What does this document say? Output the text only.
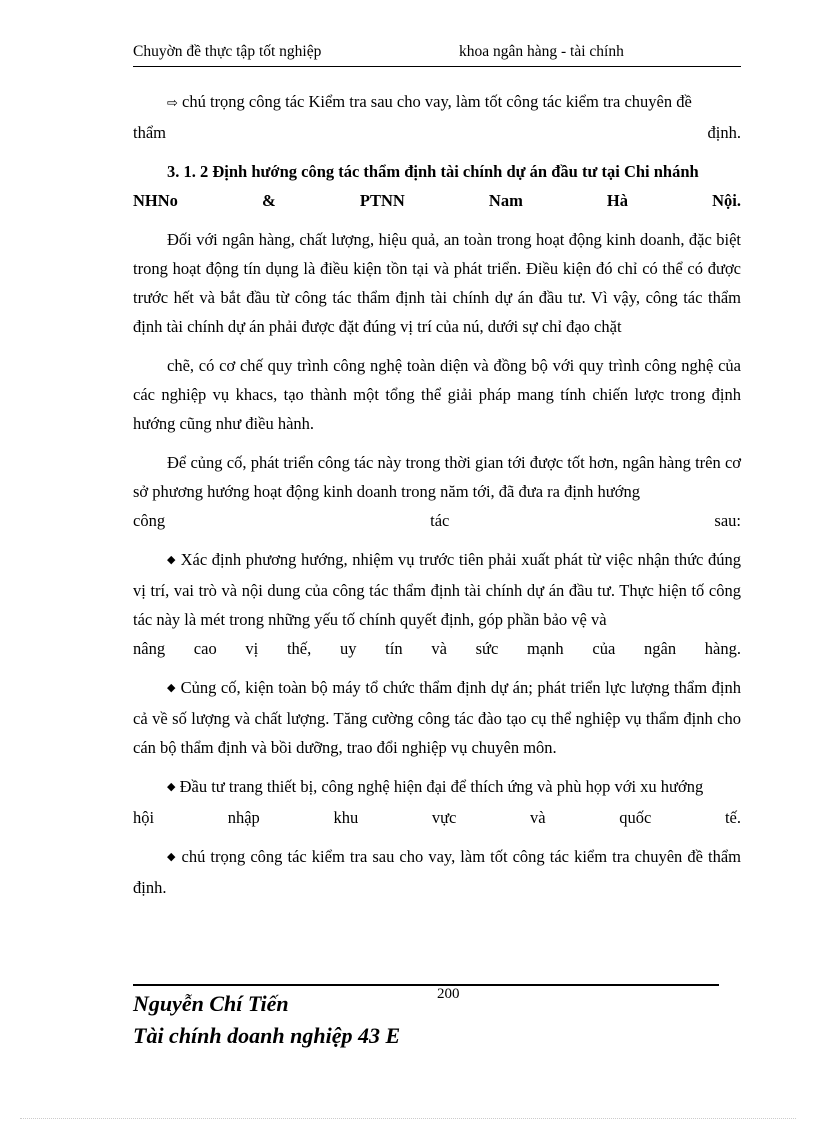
Chuyờn đề thực tập tốt nghiệp	khoa ngân hàng - tài chính

⇨ chú trọng công tác Kiểm tra sau cho vay, làm tốt công tác kiểm tra chuyên đề

thẩm định.

3. 1. 2 Định hướng công tác thẩm định tài chính dự án đầu tư tại Chi nhánh

NHNo & PTNN Nam Hà Nội.

Đối với ngân hàng, chất lượng, hiệu quả, an toàn trong hoạt động kinh doanh, đặc biệt trong hoạt động tín dụng là điều kiện tồn tại và phát triển. Điều kiện đó chỉ có thể có được trước hết và bắt đầu từ công tác thẩm định tài chính dự án đầu tư. Vì vậy, công tác thẩm định tài chính dự án phải được đặt đúng vị trí của nú, dưới sự chỉ đạo chặt

chẽ, có cơ chế quy trình công nghệ toàn diện và đồng bộ với quy trình công nghệ của các nghiệp vụ khacs, tạo thành một tổng thể giải pháp mang tính chiến lược trong định hướng cũng như điều hành.

Để củng cố, phát triển công tác này trong thời gian tới được tốt hơn, ngân hàng trên cơ sở phương hướng hoạt động kinh doanh trong năm tới, đã đưa ra định hướng

công tác sau:

◆ Xác định phương hướng, nhiệm vụ trước tiên phải xuất phát từ việc nhận thức đúng vị trí, vai trò và nội dung của công tác thẩm định tài chính dự án đầu tư. Thực hiện tố công tác này là mét trong những yếu tố chính quyết định, góp phần bảo vệ và

nâng cao vị thế, uy tín và sức mạnh của ngân hàng.

◆ Củng cố, kiện toàn bộ máy tổ chức thẩm định dự án; phát triển lực lượng thẩm định cả về số lượng và chất lượng. Tăng cường công tác đào tạo cụ thể nghiệp vụ thẩm định cho cán bộ thẩm định và bồi dưỡng, trao đổi nghiệp vụ chuyên môn.

◆ Đầu tư trang thiết bị, công nghệ hiện đại để thích ứng và phù họp với xu hướng

hội nhập khu vực và quốc tế.

◆ chú trọng công tác kiểm tra sau cho vay, làm tốt công tác kiểm tra chuyên đề thẩm định.

200
Nguyễn Chí Tiến
Tài chính doanh nghiệp 43 E
